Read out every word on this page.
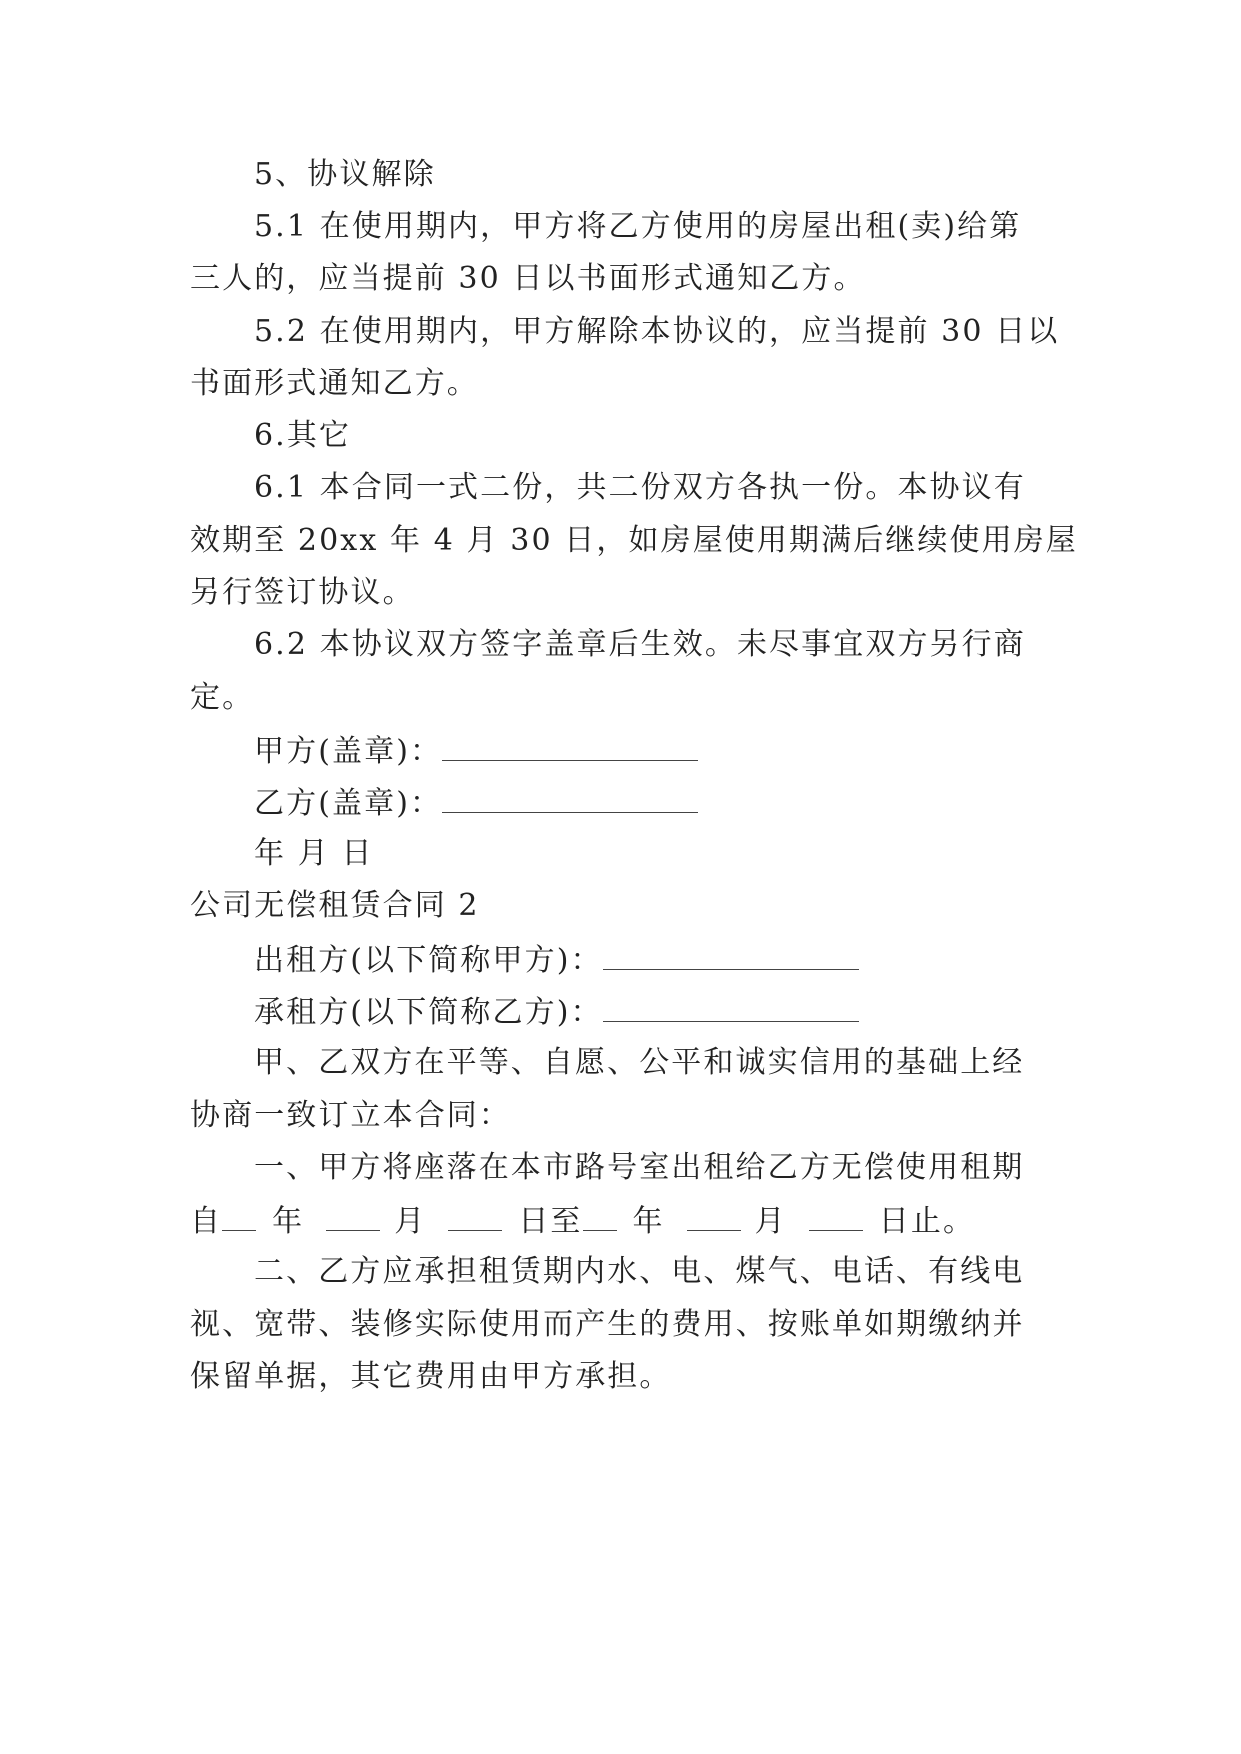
5、协议解除
5.1 在使用期内，甲方将乙方使用的房屋出租(卖)给第
三人的，应当提前 30 日以书面形式通知乙方。
5.2 在使用期内，甲方解除本协议的，应当提前 30 日以
书面形式通知乙方。
6.其它
6.1 本合同一式二份，共二份双方各执一份。本协议有
效期至 20xx 年 4 月 30 日，如房屋使用期满后继续使用房屋
另行签订协议。
6.2 本协议双方签字盖章后生效。未尽事宜双方另行商
定。
甲方(盖章)：
乙方(盖章)：
年 月 日
公司无偿租赁合同 2
出租方(以下简称甲方)：
承租方(以下简称乙方)：
甲、乙双方在平等、自愿、公平和诚实信用的基础上经
协商一致订立本合同：
一、甲方将座落在本市路号室出租给乙方无偿使用租期
自 年	月	日至 年	月	日止。
二、乙方应承担租赁期内水、电、煤气、电话、有线电
视、宽带、装修实际使用而产生的费用、按账单如期缴纳并
保留单据，其它费用由甲方承担。
